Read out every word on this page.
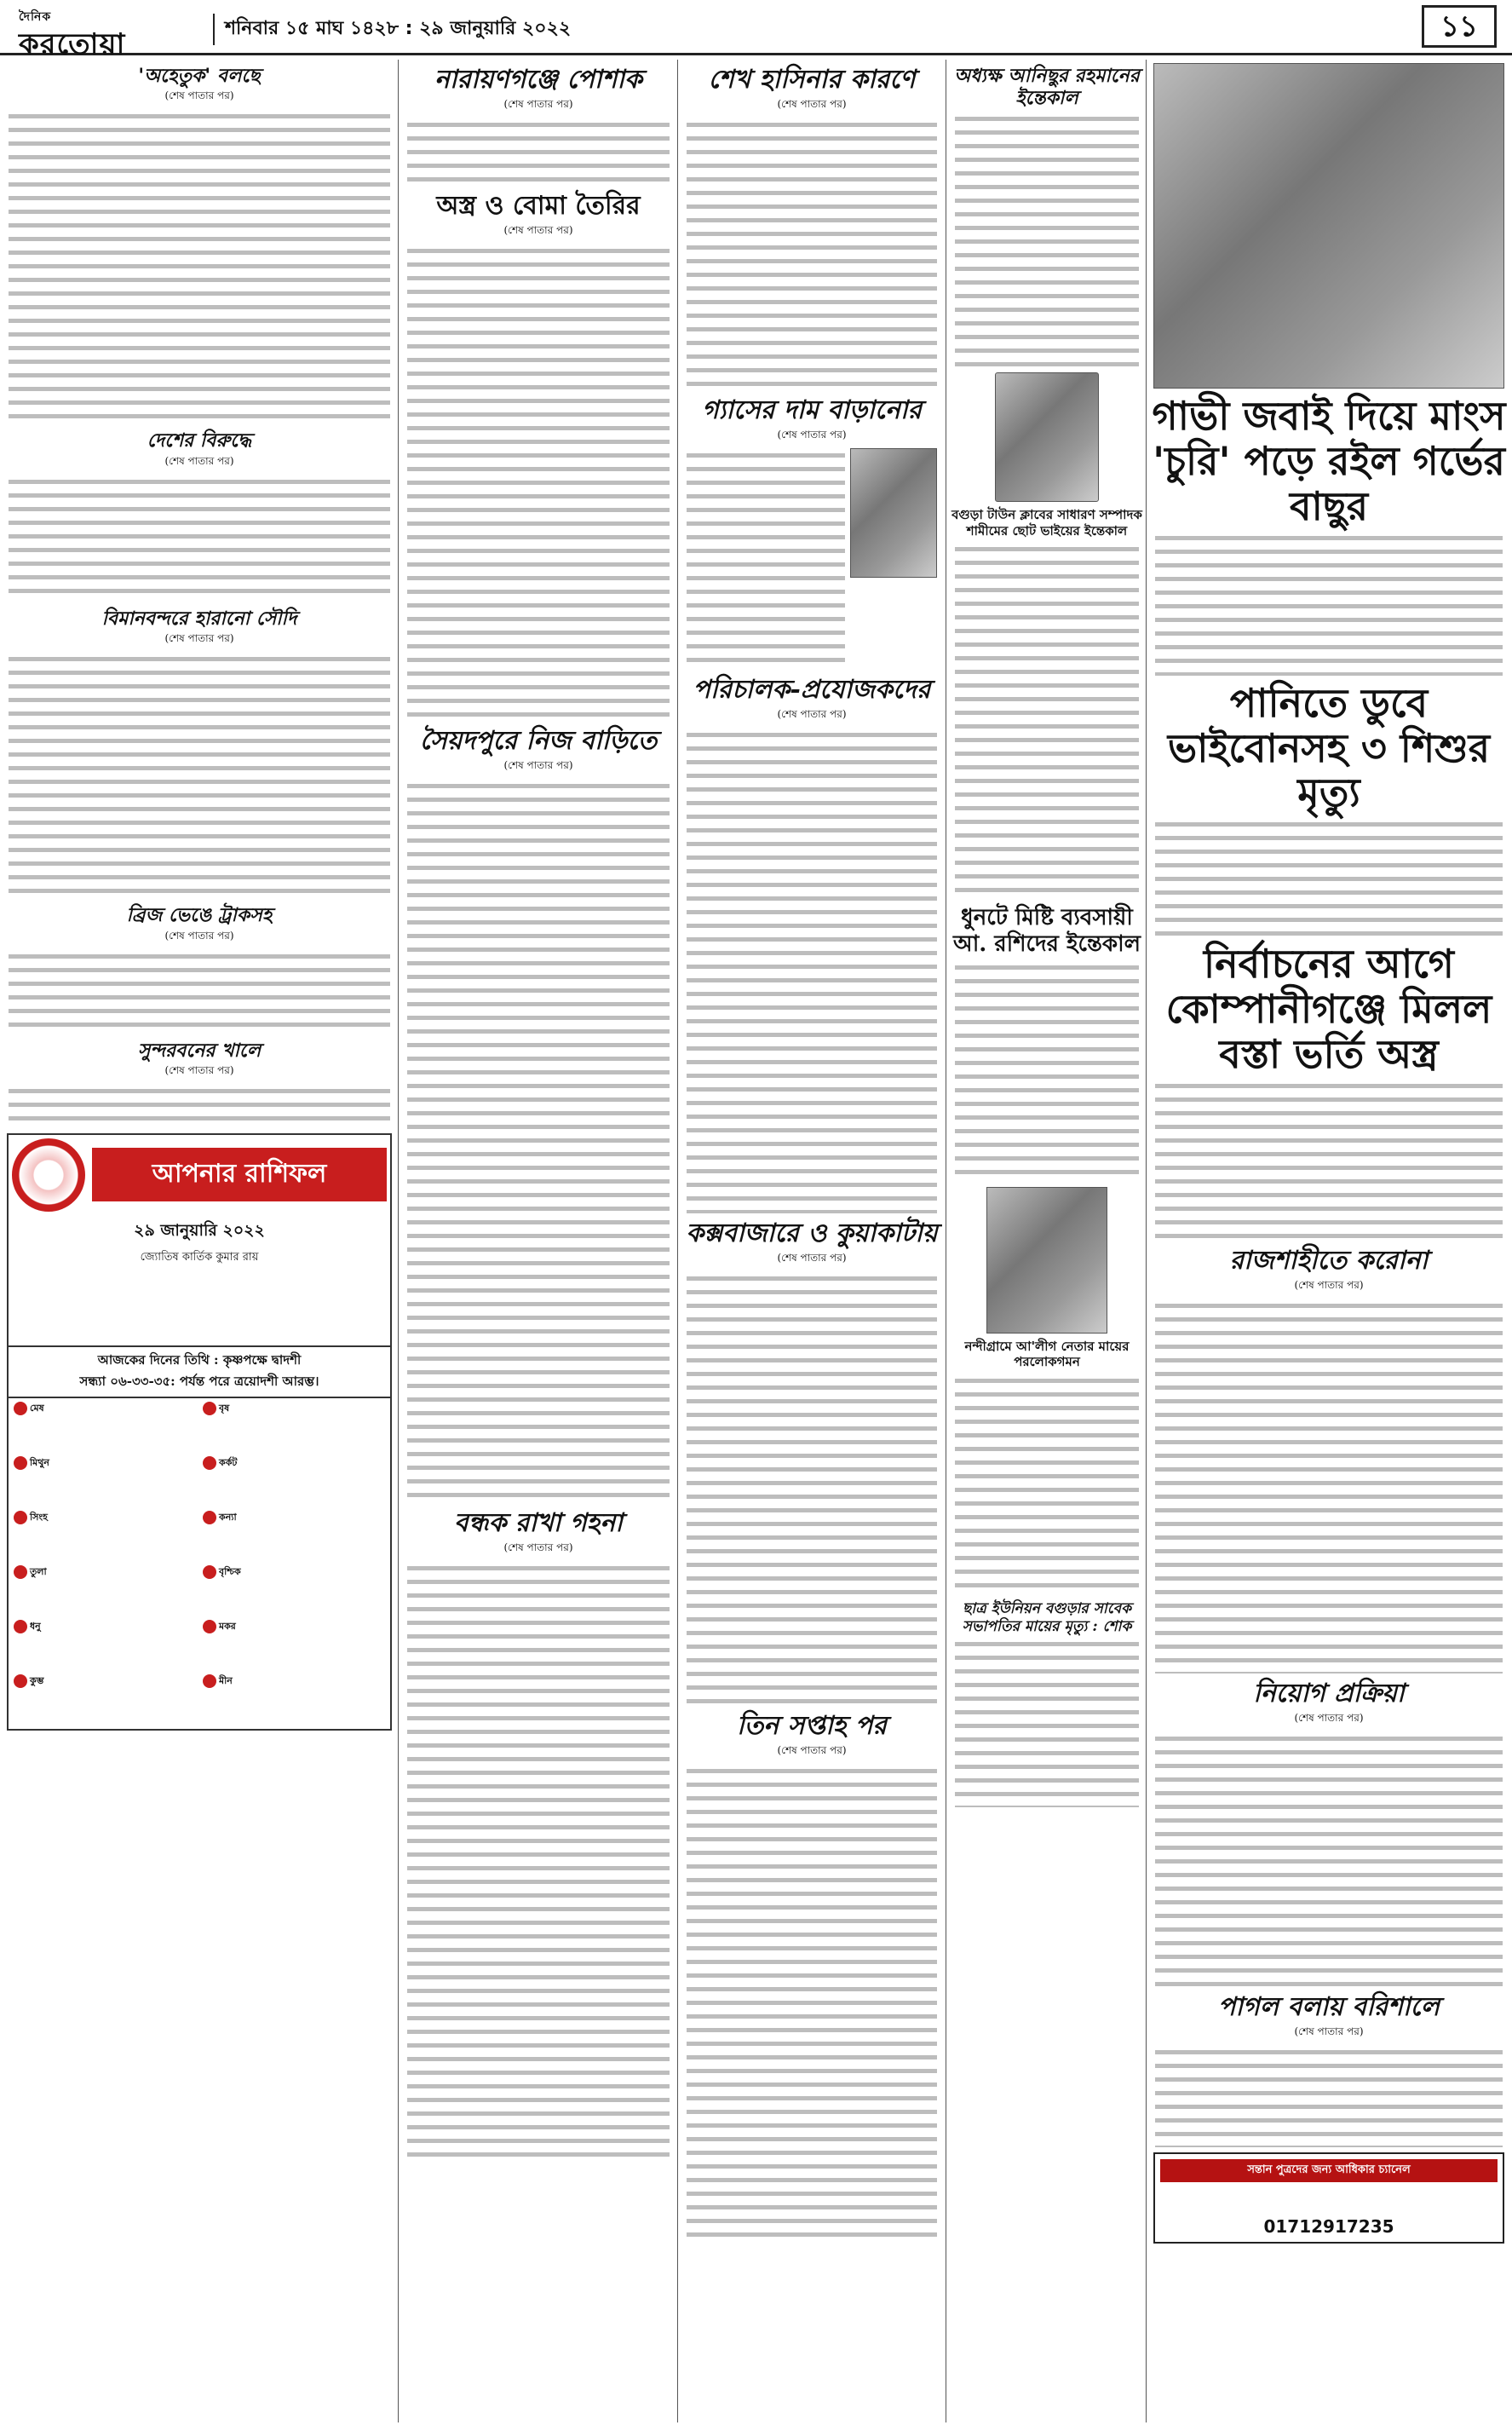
দৈনিক
করতোয়া	শনিবার ১৫ মাঘ ১৪২৮ : ২৯ জানুয়ারি ২০২২	১১
'অহেতুক' বলছে
(শেষ পাতার পর)
দেশের বিরুদ্ধে
(শেষ পাতার পর)
বিমানবন্দরে হারানো সৌদি
(শেষ পাতার পর)
ব্রিজ ভেঙে ট্রাকসহ
(শেষ পাতার পর)
সুন্দরবনের খালে
(শেষ পাতার পর)
আপনার রাশিফল
২৯ জানুয়ারি ২০২২
জ্যোতিষ কার্তিক কুমার রায়
আজকের দিনের তিথি : কৃষ্ণপক্ষে দ্বাদশী
সন্ধ্যা ০৬-৩৩-৩৫: পর্যন্ত পরে ত্রয়োদশী আরম্ভ।
মেষ	বৃষ
মিথুন	কর্কট
সিংহ	কন্যা
তুলা	বৃশ্চিক
ধনু	মকর
কুম্ভ	মীন
নারায়ণগঞ্জে পোশাক
(শেষ পাতার পর)
অস্ত্র ও বোমা তৈরির
(শেষ পাতার পর)
সৈয়দপুরে নিজ বাড়িতে
(শেষ পাতার পর)
বন্ধক রাখা গহনা
(শেষ পাতার পর)
শেখ হাসিনার কারণে
(শেষ পাতার পর)
গ্যাসের দাম বাড়ানোর
(শেষ পাতার পর)
পরিচালক-প্রযোজকদের
(শেষ পাতার পর)
কক্সবাজারে ও কুয়াকাটায়
(শেষ পাতার পর)
তিন সপ্তাহ পর
(শেষ পাতার পর)
অধ্যক্ষ আনিছুর রহমানের ইন্তেকাল
বগুড়া টাউন ক্লাবের সাধারণ সম্পাদক শামীমের ছোট ভাইয়ের ইন্তেকাল
ধুনটে মিষ্টি ব্যবসায়ী আ. রশিদের ইন্তেকাল
নন্দীগ্রামে আ'লীগ নেতার মায়ের পরলোকগমন
ছাত্র ইউনিয়ন বগুড়ার সাবেক সভাপতির মায়ের মৃত্যু : শোক
গাভী জবাই দিয়ে মাংস 'চুরি' পড়ে রইল গর্ভের বাছুর
পানিতে ডুবে ভাইবোনসহ ৩ শিশুর মৃত্যু
নির্বাচনের আগে কোম্পানীগঞ্জে মিলল বস্তা ভর্তি অস্ত্র
রাজশাহীতে করোনা
(শেষ পাতার পর)
নিয়োগ প্রক্রিয়া
(শেষ পাতার পর)
পাগল বলায় বরিশালে
(শেষ পাতার পর)
সন্তান পুত্রদের জন্য আধিকার চ্যানেল
01712917235
